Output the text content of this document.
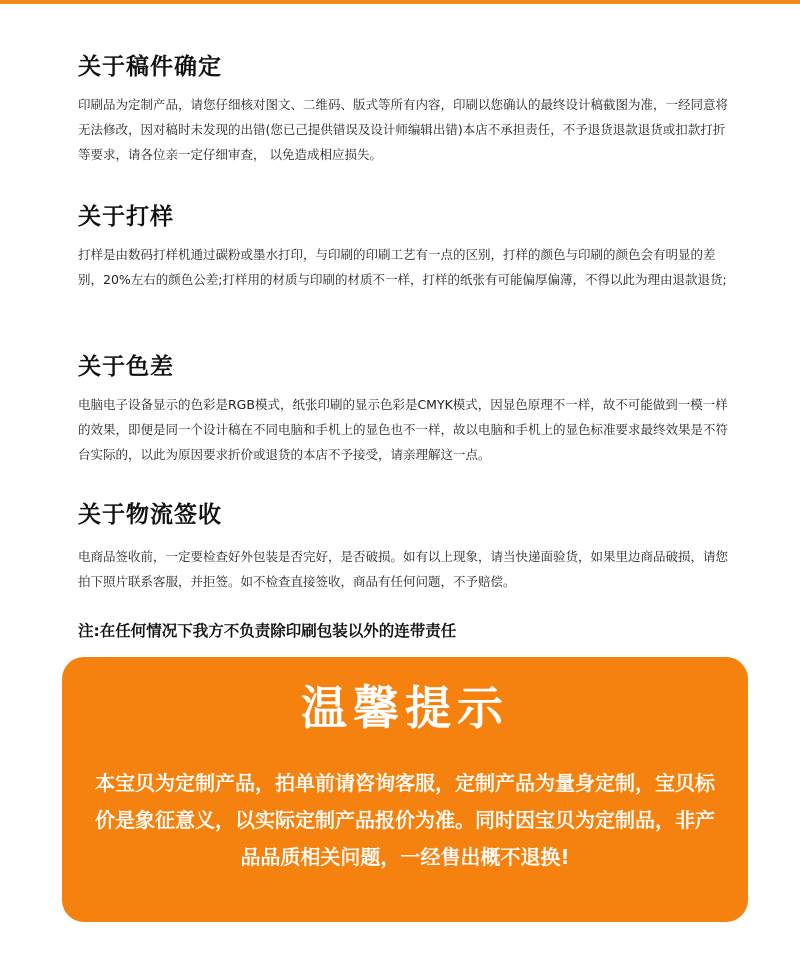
关于稿件确定

印刷品为定制产品，请您仔细核对图文、二维码、版式等所有内容，印刷以您确认的最终设计稿截图为准，一经同意将无法修改，因对稿时未发现的出错(您已己提供错误及设计师编辑出错)本店不承担责任，不予退货退款退货或扣款打折等要求，请各位亲一定仔细审查， 以免造成相应损失。

关于打样

打样是由数码打样机通过碳粉或墨水打印，与印刷的印刷工艺有一点的区别，打样的颜色与印刷的颜色会有明显的差别，20%左右的颜色公差;打样用的材质与印刷的材质不一样，打样的纸张有可能偏厚偏薄，不得以此为理由退款退货;

关于色差

电脑电子设备显示的色彩是RGB模式，纸张印刷的显示色彩是CMYK模式，因显色原理不一样，故不可能做到一模一样的效果，即便是同一个设计稿在不同电脑和手机上的显色也不一样，故以电脑和手机上的显色标准要求最终效果是不符台实际的，以此为原因要求折价或退货的本店不予接受，请亲理解这一点。

关于物流签收

电商品签收前，一定要检查好外包装是否完好，是否破损。如有以上现象，请当快递面验货，如果里边商品破损，请您拍下照片联系客服，并拒签。如不检查直接签收，商品有任何问题，不予赔偿。

注:在任何情况下我方不负责除印刷包装以外的连带责任
温馨提示
本宝贝为定制产品，拍单前请咨询客服，定制产品为量身定制，宝贝标价是象征意义，以实际定制产品报价为准。同时因宝贝为定制品，非产品品质相关问题，一经售出概不退换!
